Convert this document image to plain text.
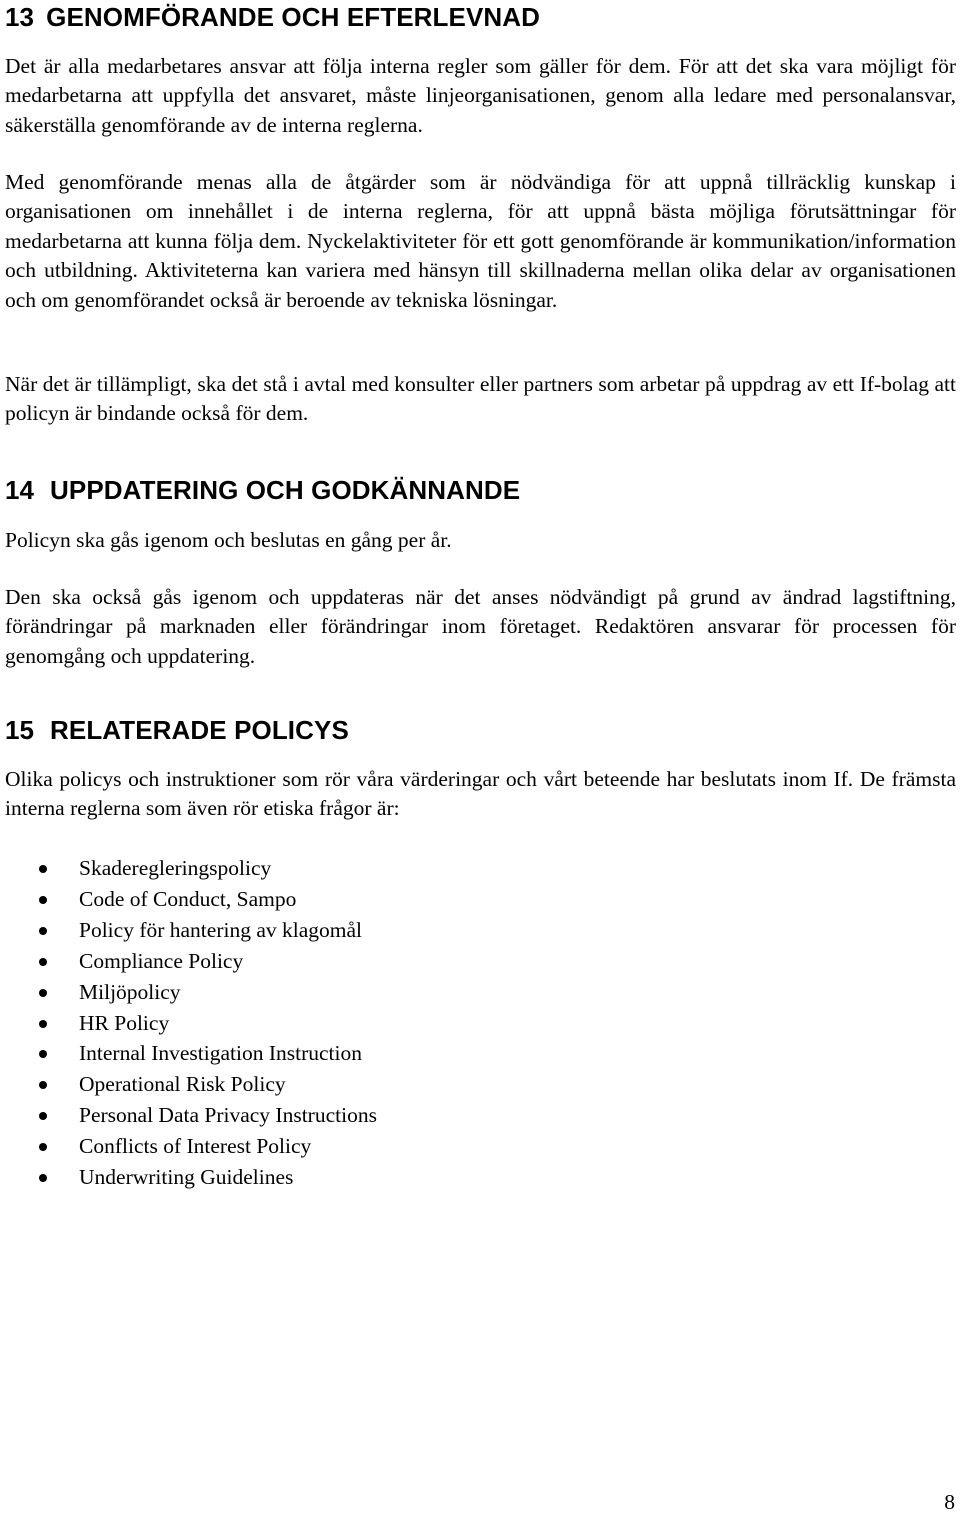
13 GENOMFÖRANDE OCH EFTERLEVNAD

Det är alla medarbetares ansvar att följa interna regler som gäller för dem. För att det ska vara möjligt för medarbetarna att uppfylla det ansvaret, måste linjeorganisationen, genom alla ledare med personalansvar, säkerställa genomförande av de interna reglerna.

Med genomförande menas alla de åtgärder som är nödvändiga för att uppnå tillräcklig kunskap i organisationen om innehållet i de interna reglerna, för att uppnå bästa möjliga förutsättningar för medarbetarna att kunna följa dem. Nyckelaktiviteter för ett gott genomförande är kommunikation/information och utbildning. Aktiviteterna kan variera med hänsyn till skillnaderna mellan olika delar av organisationen och om genomförandet också är beroende av tekniska lösningar.

När det är tillämpligt, ska det stå i avtal med konsulter eller partners som arbetar på uppdrag av ett If-bolag att policyn är bindande också för dem.

14 UPPDATERING OCH GODKÄNNANDE

Policyn ska gås igenom och beslutas en gång per år.

Den ska också gås igenom och uppdateras när det anses nödvändigt på grund av ändrad lagstiftning, förändringar på marknaden eller förändringar inom företaget. Redaktören ansvarar för processen för genomgång och uppdatering.

15 RELATERADE POLICYS

Olika policys och instruktioner som rör våra värderingar och vårt beteende har beslutats inom If. De främsta interna reglerna som även rör etiska frågor är:

Skaderegleringspolicy
Code of Conduct, Sampo
Policy för hantering av klagomål
Compliance Policy
Miljöpolicy
HR Policy
Internal Investigation Instruction
Operational Risk Policy
Personal Data Privacy Instructions
Conflicts of Interest Policy
Underwriting Guidelines
8
